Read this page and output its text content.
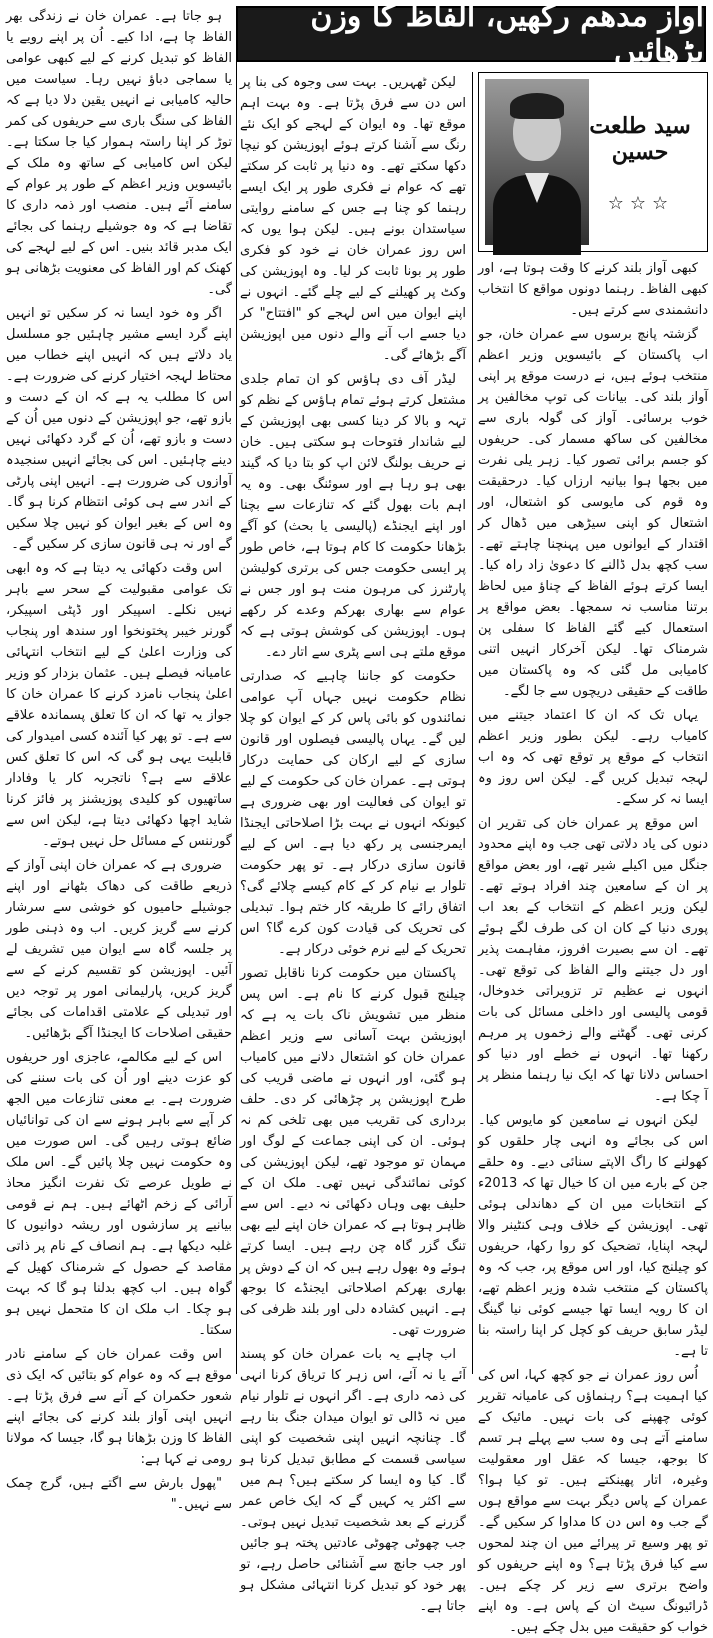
آواز مدھم رکھیں، الفاظ کا وزن بڑھائیں
سید طلعت حسین
☆☆☆

کبھی آواز بلند کرنے کا وقت ہوتا ہے، اور کبھی الفاظ۔ رہنما دونوں مواقع کا انتخاب دانشمندی سے کرتے ہیں۔

گزشتہ پانچ برسوں سے عمران خان، جو اب پاکستان کے بائیسویں وزیر اعظم منتخب ہوئے ہیں، نے درست موقع پر اپنی آواز بلند کی۔ بیانات کی توپ مخالفین پر خوب برسائی۔ آواز کی گولہ باری سے مخالفین کی ساکھ مسمار کی۔ حریفوں کو جسم برائی تصور کیا۔ زہر یلی نفرت میں بجھا ہوا بیانیہ ارزاں کیا۔ درحقیقت وہ قوم کی مایوسی کو اشتعال، اور اشتعال کو اپنی سیڑھی میں ڈھال کر اقتدار کے ایوانوں میں پہنچنا چاہتے تھے۔ سب کچھ بدل ڈالنے کا دعویٰ زاد راہ کیا۔ ایسا کرتے ہوئے الفاظ کے چناؤ میں لحاظ برتنا مناسب نہ سمجھا۔ بعض مواقع پر استعمال کیے گئے الفاظ کا سفلی پن شرمناک تھا۔ لیکن آخرکار انہیں اتنی کامیابی مل گئی کہ وہ پاکستان میں طاقت کے حقیقی دریچوں سے جا لگے۔

یہاں تک کہ ان کا اعتماد جیتنے میں کامیاب رہے۔ لیکن بطور وزیر اعظم انتخاب کے موقع پر توقع تھی کہ وہ اب لہجہ تبدیل کریں گے۔ لیکن اس روز وہ ایسا نہ کر سکے۔

اس موقع پر عمران خان کی تقریر ان دنوں کی یاد دلاتی تھی جب وہ اپنے محدود جنگل میں اکیلے شیر تھے، اور بعض مواقع پر ان کے سامعین چند افراد ہوتے تھے۔ لیکن وزیر اعظم کے انتخاب کے بعد اب پوری دنیا کے کان ان کی طرف لگے ہوئے تھے۔ ان سے بصیرت افروز، مفاہمت پذیر اور دل جیتنے والے الفاظ کی توقع تھی۔ انہوں نے عظیم تر تزویراتی خدوخال، قومی پالیسی اور داخلی مسائل کی بات کرنی تھی۔ گھٹنے والے زخموں پر مرہم رکھنا تھا۔ انہوں نے خطے اور دنیا کو احساس دلانا تھا کہ ایک نیا رہنما منظر پر آ چکا ہے۔

لیکن انہوں نے سامعین کو مایوس کیا۔ اس کی بجائے وہ انہی چار حلقوں کو کھولنے کا راگ الاپتے سنائی دیے۔ وہ حلقے جن کے بارے میں ان کا خیال تھا کہ 2013ء کے انتخابات میں ان کے دھاندلی ہوئی تھی۔ اپوزیشن کے خلاف وہی کنٹینر والا لہجہ اپنایا، تضحیک کو روا رکھا، حریفوں کو چیلنج کیا، اور اس موقع پر، جب کہ وہ پاکستان کے منتخب شدہ وزیر اعظم تھے، ان کا رویہ ایسا تھا جیسے کوئی نیا گینگ لیڈر سابق حریف کو کچل کر اپنا راستہ بنا تا ہے۔

اُس روز عمران نے جو کچھ کہا، اس کی کیا اہمیت ہے؟ رہنماؤں کی عامیانہ تقریر کوئی چھپنے کی بات نہیں۔ مائیک کے سامنے آتے ہی وہ سب سے پہلے ہر تسم کا بوجھ، جیسا کہ عقل اور معقولیت وغیرہ، اتار پھینکتے ہیں۔ تو کیا ہوا؟ عمران کے پاس دیگر بہت سے مواقع ہوں گے جب وہ اس دن کا مداوا کر سکیں گے۔ تو پھر وسیع تر پیرائے میں ان چند لمحوں سے کیا فرق پڑتا ہے؟ وہ اپنے حریفوں کو واضح برتری سے زیر کر چکے ہیں۔ ڈرائیونگ سیٹ ان کے پاس ہے۔ وہ اپنے خواب کو حقیقت میں بدل چکے ہیں۔

لیکن ٹھہریں۔ بہت سی وجوہ کی بنا پر اس دن سے فرق پڑتا ہے۔ وہ بہت اہم موقع تھا۔ وہ ایوان کے لہجے کو ایک نئے رنگ سے آشنا کرتے ہوئے اپوزیشن کو نیچا دکھا سکتے تھے۔ وہ دنیا پر ثابت کر سکتے تھے کہ عوام نے فکری طور پر ایک ایسے رہنما کو چنا ہے جس کے سامنے روایتی سیاستدان بونے ہیں۔ لیکن ہوا یوں کہ اس روز عمران خان نے خود کو فکری طور پر بونا ثابت کر لیا۔ وہ اپوزیشن کی وکٹ پر کھیلنے کے لیے چلے گئے۔ انہوں نے اپنے ایوان میں اس لہجے کو "افتتاح" کر دیا جسے اب آنے والے دنوں میں اپوزیشن آگے بڑھائے گی۔

لیڈر آف دی ہاؤس کو ان تمام جلدی مشتعل کرتے ہوئے تمام ہاؤس کے نظم کو تہہ و بالا کر دینا کسی بھی اپوزیشن کے لیے شاندار فتوحات ہو سکتی ہیں۔ خان نے حریف بولنگ لائن اپ کو بتا دیا کہ گیند بھی ہو رہا ہے اور سوئنگ بھی۔ وہ یہ اہم بات بھول گئے کہ تنازعات سے بچنا اور اپنے ایجنڈے (پالیسی یا بحث) کو آگے بڑھانا حکومت کا کام ہوتا ہے، خاص طور پر ایسی حکومت جس کی برتری کولیشن پارٹنرز کی مرہون منت ہو اور جس نے عوام سے بھاری بھرکم وعدے کر رکھے ہوں۔ اپوزیشن کی کوشش ہوتی ہے کہ موقع ملتے ہی اسے پٹری سے اتار دے۔

حکومت کو جاننا چاہیے کہ صدارتی نظام حکومت نہیں جہاں آپ عوامی نمائندوں کو بائی پاس کر کے ایوان کو چلا لیں گے۔ یہاں پالیسی فیصلوں اور قانون سازی کے لیے ارکان کی حمایت درکار ہوتی ہے۔ عمران خان کی حکومت کے لیے تو ایوان کی فعالیت اور بھی ضروری ہے کیونکہ انہوں نے بہت بڑا اصلاحاتی ایجنڈا ایمرجنسی پر رکھ دیا ہے۔ اس کے لیے قانون سازی درکار ہے۔ تو پھر حکومت تلوار بے نیام کر کے کام کیسے چلائے گی؟ اتفاق رائے کا طریقہ کار ختم ہوا۔ تبدیلی کی تحریک کی قیادت کون کرے گا؟ اس تحریک کے لیے نرم خوئی درکار ہے۔

پاکستان میں حکومت کرنا ناقابل تصور چیلنج قبول کرنے کا نام ہے۔ اس پس منظر میں تشویش ناک بات یہ ہے کہ اپوزیشن بہت آسانی سے وزیر اعظم عمران خان کو اشتعال دلانے میں کامیاب ہو گئی، اور انہوں نے ماضی قریب کی طرح اپوزیشن پر چڑھائی کر دی۔ حلف برداری کی تقریب میں بھی تلخی کم نہ ہوئی۔ ان کی اپنی جماعت کے لوگ اور مہمان تو موجود تھے، لیکن اپوزیشن کی کوئی نمائندگی نہیں تھی۔ ملک ان کے حلیف بھی وہاں دکھائی نہ دیے۔ اس سے ظاہر ہوتا ہے کہ عمران خان اپنے لیے بھی تنگ گزر گاہ چن رہے ہیں۔ ایسا کرتے ہوئے وہ بھول رہے ہیں کہ ان کے دوش پر بھاری بھرکم اصلاحاتی ایجنڈے کا بوجھ ہے۔ انہیں کشادہ دلی اور بلند ظرفی کی ضرورت تھی۔

اب چاہے یہ بات عمران خان کو پسند آئے یا نہ آئے، اس زہر کا تریاق کرنا انہی کی ذمہ داری ہے۔ اگر انہوں نے تلوار نیام میں نہ ڈالی تو ایوان میدان جنگ بنا رہے گا۔ چنانچہ انہیں اپنی شخصیت کو اپنی سیاسی قسمت کے مطابق تبدیل کرنا ہو گا۔ کیا وہ ایسا کر سکتے ہیں؟ ہم میں سے اکثر یہ کہیں گے کہ ایک خاص عمر گزرنے کے بعد شخصیت تبدیل نہیں ہوتی۔ جب چھوٹی چھوٹی عادتیں پختہ ہو جائیں اور جب جانچ سے آشنائی حاصل رہے، تو پھر خود کو تبدیل کرنا انتہائی مشکل ہو جاتا ہے۔

ہو جاتا ہے۔ عمران خان نے زندگی بھر الفاظ چا ہے، ادا کیے۔ اُن پر اپنے رویے یا الفاظ کو تبدیل کرنے کے لیے کبھی عوامی یا سماجی دباؤ نہیں رہا۔ سیاست میں حالیہ کامیابی نے انہیں یقین دلا دیا ہے کہ الفاظ کی سنگ باری سے حریفوں کی کمر توڑ کر اپنا راستہ ہموار کیا جا سکتا ہے۔ لیکن اس کامیابی کے ساتھ وہ ملک کے بائیسویں وزیر اعظم کے طور پر عوام کے سامنے آئے ہیں۔ منصب اور ذمہ داری کا تقاضا ہے کہ وہ جوشیلے رہنما کی بجائے ایک مدبر قائد بنیں۔ اس کے لیے لہجے کی کھنک کم اور الفاظ کی معنویت بڑھانی ہو گی۔

اگر وہ خود ایسا نہ کر سکیں تو انہیں اپنے گرد ایسے مشیر چاہئیں جو مسلسل یاد دلاتے ہیں کہ انہیں اپنے خطاب میں محتاط لہجہ اختیار کرنے کی ضرورت ہے۔ اس کا مطلب یہ ہے کہ ان کے دست و بازو تھے، جو اپوزیشن کے دنوں میں اُن کے دست و بازو تھے، اُن کے گرد دکھائی نہیں دینے چاہئیں۔ اس کی بجائے انہیں سنجیدہ آوازوں کی ضرورت ہے۔ انہیں اپنی پارٹی کے اندر سے ہی کوئی انتظام کرنا ہو گا۔ وہ اس کے بغیر ایوان کو نہیں چلا سکیں گے اور نہ ہی قانون سازی کر سکیں گے۔

اس وقت دکھائی یہ دیتا ہے کہ وہ ابھی تک عوامی مقبولیت کے سحر سے باہر نہیں نکلے۔ اسپیکر اور ڈپٹی اسپیکر، گورنر خیبر پختونخوا اور سندھ اور پنجاب کی وزارت اعلیٰ کے لیے انتخاب انتہائی عامیانہ فیصلے ہیں۔ عثمان بزدار کو وزیر اعلیٰ پنجاب نامزد کرنے کا عمران خان کا جواز یہ تھا کہ ان کا تعلق پسماندہ علاقے سے ہے۔ تو پھر کیا آئندہ کسی امیدوار کی قابلیت یہی ہو گی کہ اس کا تعلق کس علاقے سے ہے؟ ناتجربہ کار یا وفادار ساتھیوں کو کلیدی پوزیشنز پر فائز کرنا شاید اچھا دکھائی دیتا ہے، لیکن اس سے گورننس کے مسائل حل نہیں ہوتے۔

ضروری ہے کہ عمران خان اپنی آواز کے ذریعے طاقت کی دھاک بٹھانے اور اپنے جوشیلے حامیوں کو خوشی سے سرشار کرنے سے گریز کریں۔ اب وہ ذہنی طور پر جلسہ گاہ سے ایوان میں تشریف لے آئیں۔ اپوزیشن کو تقسیم کرنے کے سے گریز کریں، پارلیمانی امور پر توجہ دیں اور تبدیلی کے علامتی اقدامات کی بجائے حقیقی اصلاحات کا ایجنڈا آگے بڑھائیں۔

اس کے لیے مکالمے، عاجزی اور حریفوں کو عزت دینے اور اُن کی بات سننے کی ضرورت ہے۔ بے معنی تنازعات میں الجھ کر آپے سے باہر ہونے سے ان کی توانائیاں ضائع ہوتی رہیں گی۔ اس صورت میں وہ حکومت نہیں چلا پائیں گے۔ اس ملک نے طویل عرصے تک نفرت انگیز محاذ آرائی کے زخم اٹھائے ہیں۔ ہم نے قومی بیانیے پر سازشوں اور ریشہ دوانیوں کا غلبہ دیکھا ہے۔ ہم انصاف کے نام پر ذاتی مقاصد کے حصول کے شرمناک کھیل کے گواہ ہیں۔ اب کچھ بدلنا ہو گا کہ بہت ہو چکا۔ اب ملک ان کا متحمل نہیں ہو سکتا۔

اس وقت عمران خان کے سامنے نادر موقع ہے کہ وہ عوام کو بتائیں کہ ایک ذی شعور حکمران کے آنے سے فرق پڑتا ہے۔ انہیں اپنی آواز بلند کرنے کی بجائے اپنے الفاظ کا وزن بڑھانا ہو گا، جیسا کہ مولانا رومی نے کہا ہے:

"پھول بارش سے اگتے ہیں، گرج چمک سے نہیں۔"
